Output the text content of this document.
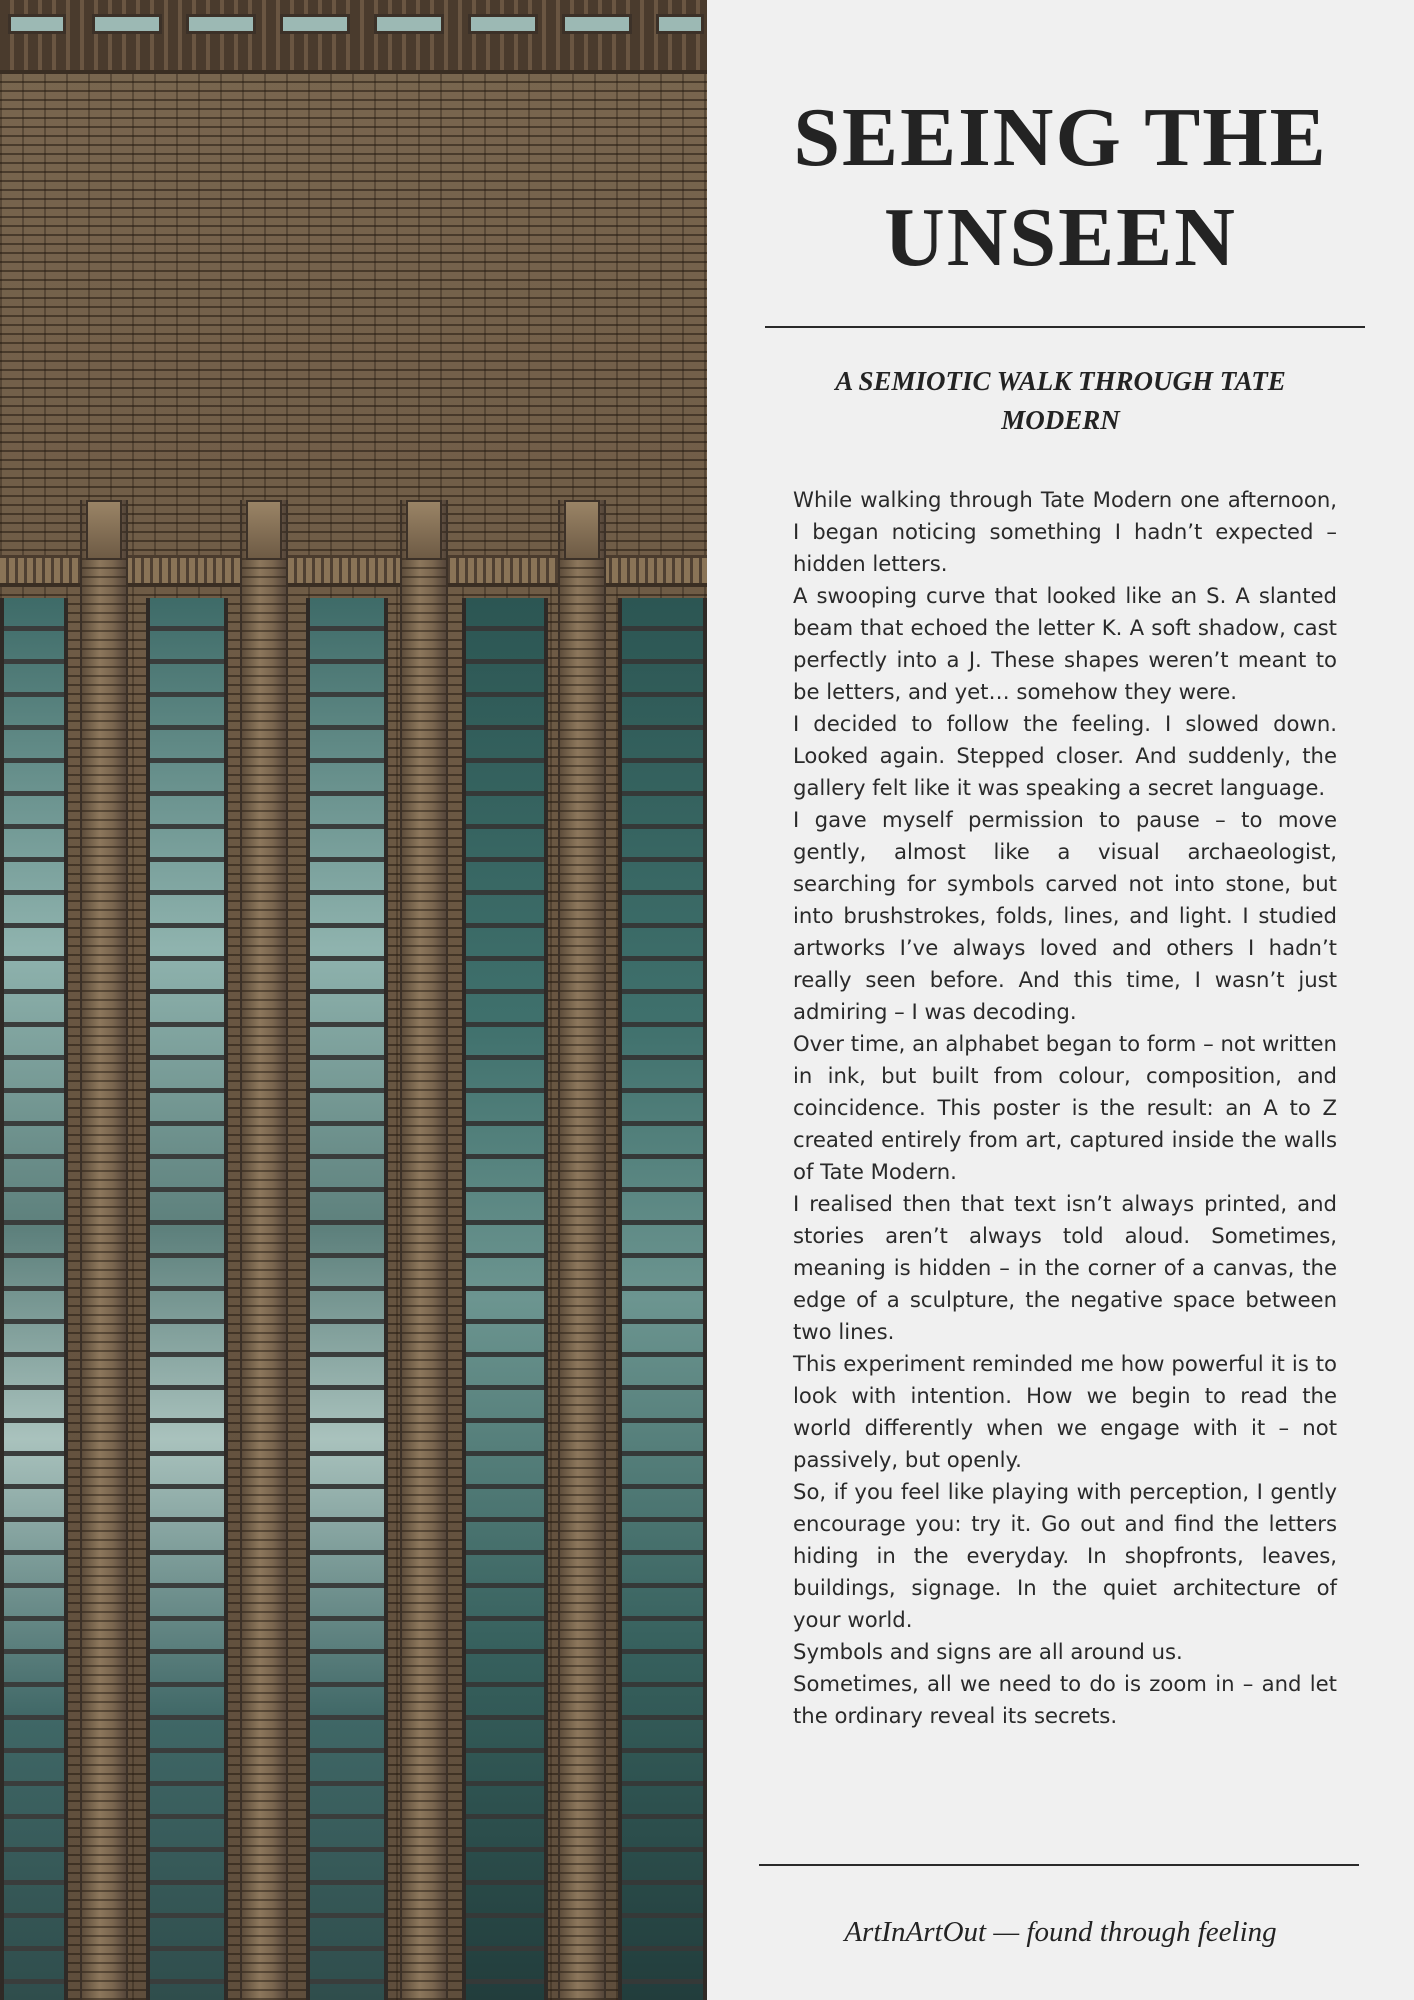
SEEING THE
UNSEEN
A SEMIOTIC WALK THROUGH TATE MODERN

While walking through Tate Modern one afternoon, I began noticing something I hadn’t expected – hidden letters.

A swooping curve that looked like an S. A slanted beam that echoed the letter K. A soft shadow, cast perfectly into a J. These shapes weren’t meant to be letters, and yet… somehow they were.

I decided to follow the feeling. I slowed down. Looked again. Stepped closer. And suddenly, the gallery felt like it was speaking a secret language.

I gave myself permission to pause – to move gently, almost like a visual archaeologist, searching for symbols carved not into stone, but into brushstrokes, folds, lines, and light. I studied artworks I’ve always loved and others I hadn’t really seen before. And this time, I wasn’t just admiring – I was decoding.

Over time, an alphabet began to form – not written in ink, but built from colour, composition, and coincidence. This poster is the result: an A to Z created entirely from art, captured inside the walls of Tate Modern.

I realised then that text isn’t always printed, and stories aren’t always told aloud. Sometimes, meaning is hidden – in the corner of a canvas, the edge of a sculpture, the negative space between two lines.

This experiment reminded me how powerful it is to look with intention. How we begin to read the world differently when we engage with it – not passively, but openly.

So, if you feel like playing with perception, I gently encourage you: try it. Go out and find the letters hiding in the everyday. In shopfronts, leaves, buildings, signage. In the quiet architecture of your world.

Symbols and signs are all around us.

Sometimes, all we need to do is zoom in – and let the ordinary reveal its secrets.

ArtInArtOut — found through feeling
